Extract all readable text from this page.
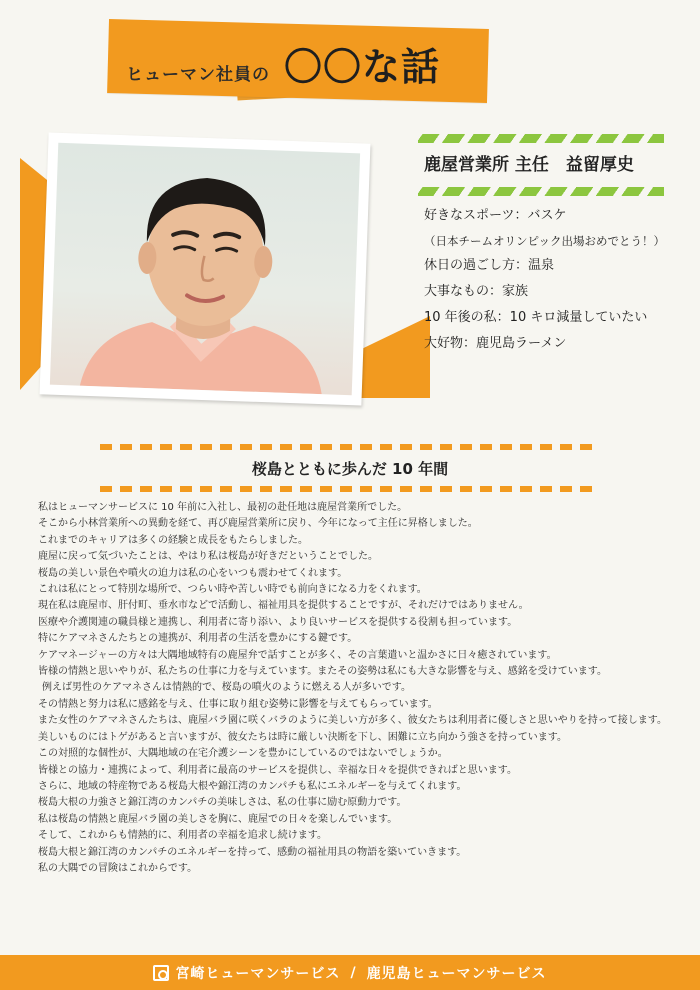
ヒューマン社員の 〇〇な話
鹿屋営業所 主任　益留厚史
好きなスポーツ：バスケ
（日本チームオリンピック出場おめでとう！）
休日の過ごし方：温泉
大事なもの：家族
10 年後の私：10 キロ減量していたい
大好物：鹿児島ラーメン
桜島とともに歩んだ 10 年間

私はヒューマンサービスに 10 年前に入社し、最初の赴任地は鹿屋営業所でした。

そこから小林営業所への異動を経て、再び鹿屋営業所に戻り、今年になって主任に昇格しました。

これまでのキャリアは多くの経験と成長をもたらしました。

鹿屋に戻って気づいたことは、やはり私は桜島が好きだということでした。

桜島の美しい景色や噴火の迫力は私の心をいつも震わせてくれます。

これは私にとって特別な場所で、つらい時や苦しい時でも前向きになる力をくれます。

現在私は鹿屋市、肝付町、垂水市などで活動し、福祉用具を提供することですが、それだけではありません。

医療や介護関連の職員様と連携し、利用者に寄り添い、より良いサービスを提供する役割も担っています。

特にケアマネさんたちとの連携が、利用者の生活を豊かにする鍵です。

ケアマネージャーの方々は大隅地域特有の鹿屋弁で話すことが多く、その言葉遣いと温かさに日々癒されています。

皆様の情熱と思いやりが、私たちの仕事に力を与えています。またその姿勢は私にも大きな影響を与え、感銘を受けています。

例えば男性のケアマネさんは情熱的で、桜島の噴火のように燃える人が多いです。

その情熱と努力は私に感銘を与え、仕事に取り組む姿勢に影響を与えてもらっています。

また女性のケアマネさんたちは、鹿屋バラ園に咲くバラのように美しい方が多く、彼女たちは利用者に優しさと思いやりを持って接します。

美しいものにはトゲがあると言いますが、彼女たちは時に厳しい決断を下し、困難に立ち向かう強さを持っています。

この対照的な個性が、大隅地域の在宅介護シーンを豊かにしているのではないでしょうか。

皆様との協力・連携によって、利用者に最高のサービスを提供し、幸福な日々を提供できればと思います。

さらに、地域の特産物である桜島大根や錦江湾のカンパチも私にエネルギーを与えてくれます。

桜島大根の力強さと錦江湾のカンパチの美味しさは、私の仕事に励む原動力です。

私は桜島の情熱と鹿屋バラ園の美しさを胸に、鹿屋での日々を楽しんでいます。

そして、これからも情熱的に、利用者の幸福を追求し続けます。

桜島大根と錦江湾のカンパチのエネルギーを持って、感動の福祉用具の物語を築いていきます。

私の大隅での冒険はこれからです。

宮崎ヒューマンサービス / 鹿児島ヒューマンサービス
